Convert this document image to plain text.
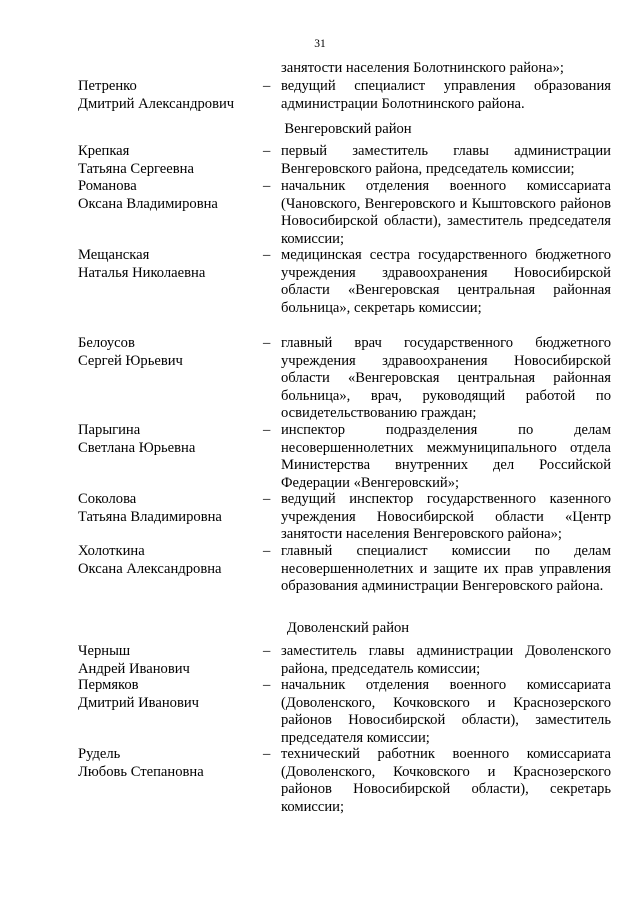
31
занятости населения Болотнинского района»;
Петренко
Дмитрий Александрович
– ведущий специалист управления образования администрации Болотнинского района.
Венгеровский район
Крепкая
Татьяна Сергеевна
– первый заместитель главы администрации Венгеровского района, председатель комиссии;
Романова
Оксана Владимировна
– начальник отделения военного комиссариата (Чановского, Венгеровского и Кыштовского районов Новосибирской области), заместитель председателя комиссии;
Мещанская
Наталья Николаевна
– медицинская сестра государственного бюджетного учреждения здравоохранения Новосибирской области «Венгеровская центральная районная больница», секретарь комиссии;
Белоусов
Сергей Юрьевич
– главный врач государственного бюджетного учреждения здравоохранения Новосибирской области «Венгеровская центральная районная больница», врач, руководящий работой по освидетельствованию граждан;
Парыгина
Светлана Юрьевна
– инспектор подразделения по делам несовершеннолетних межмуниципального отдела Министерства внутренних дел Российской Федерации «Венгеровский»;
Соколова
Татьяна Владимировна
– ведущий инспектор государственного казенного учреждения Новосибирской области «Центр занятости населения Венгеровского района»;
Холоткина
Оксана Александровна
– главный специалист комиссии по делам несовершеннолетних и защите их прав управления образования администрации Венгеровского района.
Доволенский район
Черныш
Андрей Иванович
– заместитель главы администрации Доволенского района, председатель комиссии;
Пермяков
Дмитрий Иванович
– начальник отделения военного комиссариата (Доволенского, Кочковского и Краснозерского районов Новосибирской области), заместитель председателя комиссии;
Рудель
Любовь Степановна
– технический работник военного комиссариата (Доволенского, Кочковского и Краснозерского районов Новосибирской области), секретарь комиссии;
